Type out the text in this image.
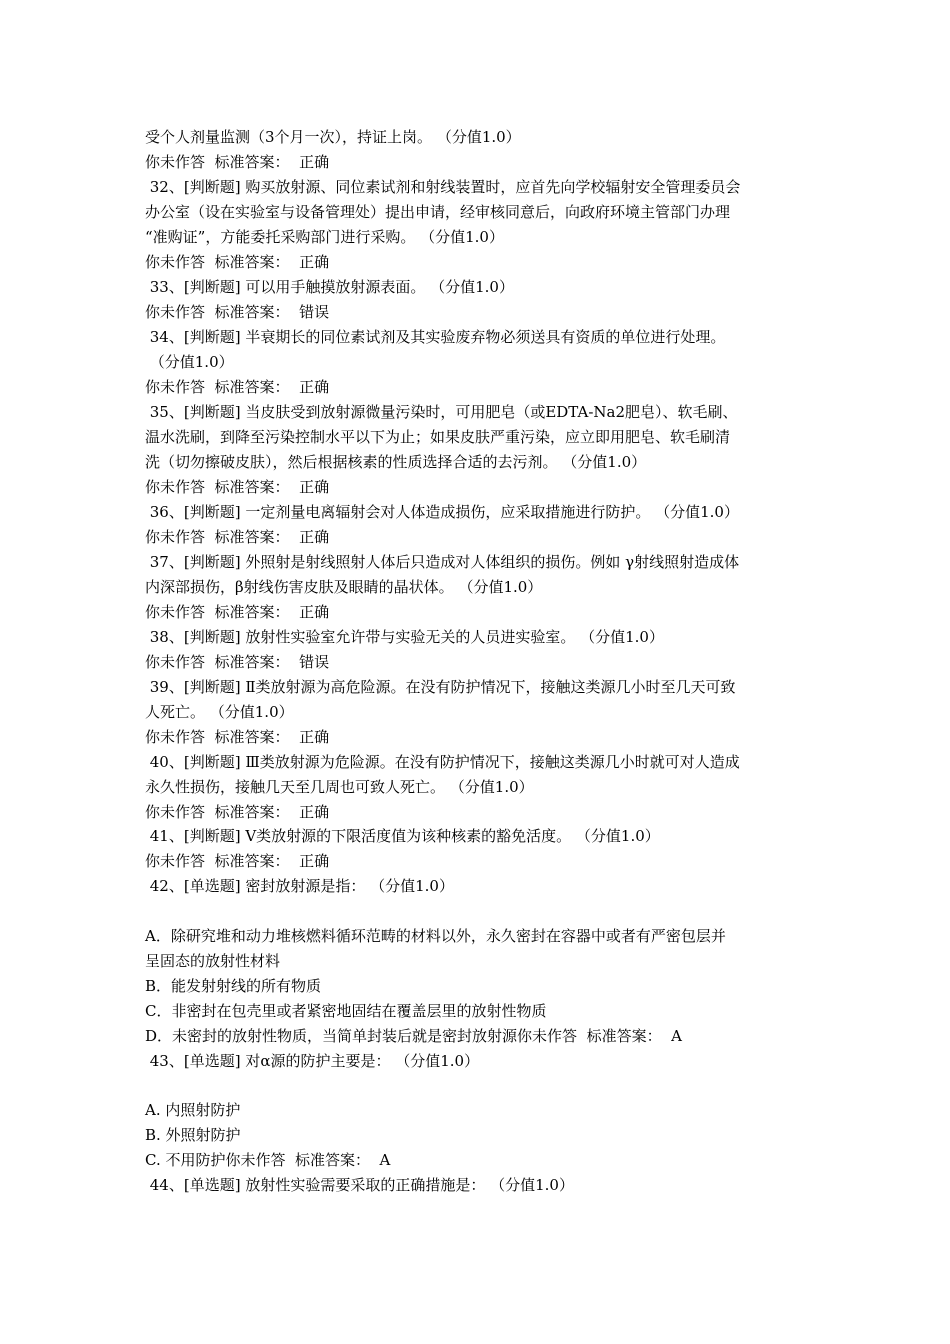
受个人剂量监测（3个月一次），持证上岗。 （分值1.0）
你未作答  标准答案：  正确
32、[判断题] 购买放射源、同位素试剂和射线装置时，应首先向学校辐射安全管理委员会
办公室（设在实验室与设备管理处）提出申请，经审核同意后，向政府环境主管部门办理
“准购证”，方能委托采购部门进行采购。 （分值1.0）
你未作答  标准答案：  正确
33、[判断题] 可以用手触摸放射源表面。 （分值1.0）
你未作答  标准答案：  错误
34、[判断题] 半衰期长的同位素试剂及其实验废弃物必须送具有资质的单位进行处理。
（分值1.0）
你未作答  标准答案：  正确
35、[判断题] 当皮肤受到放射源微量污染时，可用肥皂（或EDTA-Na2肥皂）、软毛刷、
温水洗刷，到降至污染控制水平以下为止；如果皮肤严重污染，应立即用肥皂、软毛刷清
洗（切勿擦破皮肤），然后根据核素的性质选择合适的去污剂。 （分值1.0）
你未作答  标准答案：  正确
36、[判断题] 一定剂量电离辐射会对人体造成损伤，应采取措施进行防护。 （分值1.0）
你未作答  标准答案：  正确
37、[判断题] 外照射是射线照射人体后只造成对人体组织的损伤。例如 γ射线照射造成体
内深部损伤，β射线伤害皮肤及眼睛的晶状体。 （分值1.0）
你未作答  标准答案：  正确
38、[判断题] 放射性实验室允许带与实验无关的人员进实验室。 （分值1.0）
你未作答  标准答案：  错误
39、[判断题] Ⅱ类放射源为高危险源。在没有防护情况下，接触这类源几小时至几天可致
人死亡。 （分值1.0）
你未作答  标准答案：  正确
40、[判断题] Ⅲ类放射源为危险源。在没有防护情况下，接触这类源几小时就可对人造成
永久性损伤，接触几天至几周也可致人死亡。 （分值1.0）
你未作答  标准答案：  正确
41、[判断题] V类放射源的下限活度值为该种核素的豁免活度。 （分值1.0）
你未作答  标准答案：  正确
42、[单选题] 密封放射源是指： （分值1.0）
A．除研究堆和动力堆核燃料循环范畴的材料以外，永久密封在容器中或者有严密包层并
呈固态的放射性材料
B．能发射射线的所有物质
C．非密封在包壳里或者紧密地固结在覆盖层里的放射性物质
D．未密封的放射性物质，当简单封装后就是密封放射源你未作答  标准答案：  A
43、[单选题] 对α源的防护主要是： （分值1.0）
A. 内照射防护
B. 外照射防护
C. 不用防护你未作答  标准答案：  A
44、[单选题] 放射性实验需要采取的正确措施是： （分值1.0）
